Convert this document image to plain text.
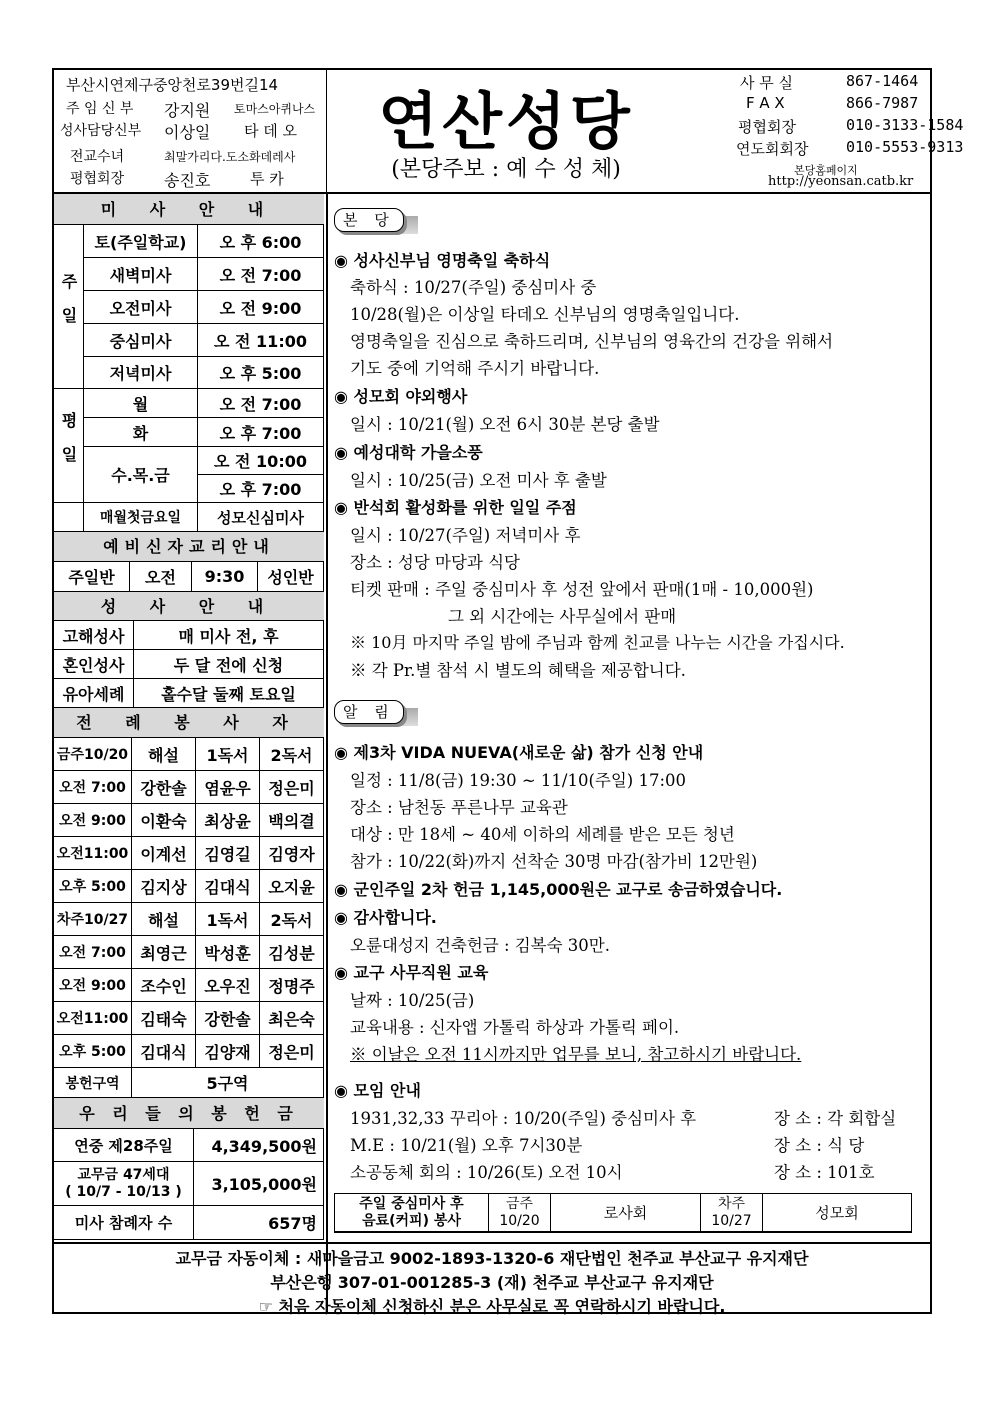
부산시연제구중앙천로39번길14
주 임 신 부 강지원 토마스아퀴나스
성사담당신부 이상일 타 데 오
전교수녀	최말가리다.도소화데레사
평협회장 송진호	투 카
연산성당
(본당주보 : 예 수 성 체)
사 무 실	867-1464
F A X	866-7987
평협회장	010-3133-1584
연도회회장	010-5553-9313
본당홈페이지
http://yeonsan.catb.kr
미 사 안 내
주일
토(주일학교)	오 후 6:00
새벽미사	오 전 7:00
오전미사	오 전 9:00
중심미사	오 전 11:00
저녁미사	오 후 5:00
평일
월	오 전 7:00
화	오 후 7:00
수.목.금
오 전 10:00
오 후 7:00
매월첫금요일	성모신심미사
예비신자교리안내
주일반	오전	9:30	성인반
성 사 안 내
고해성사	매 미사 전, 후
혼인성사	두 달 전에 신청
유아세례	홀수달 둘째 토요일
전 례 봉 사 자
금주10/20	해설	1독서	2독서
오전 7:00 강한솔	염윤우	정은미
오전 9:00 이환숙	최상윤	백의결
오전11:00 이계선	김영길	김영자
오후 5:00 김지상	김대식	오지윤
차주10/27	해설	1독서	2독서
오전 7:00 최영근	박성훈	김성분
오전 9:00 조수인	오우진	정명주
오전11:00 김태숙	강한솔	최은숙
오후 5:00 김대식	김양재	정은미
봉헌구역	5구역
우 리 들 의 봉 헌 금
연중 제28주일	4,349,500원
교무금 47세대
( 10/7 - 10/13 )	3,105,000원
미사 참례자 수	657명
본 당
◉ 성사신부님 영명축일 축하식
축하식 : 10/27(주일) 중심미사 중
10/28(월)은 이상일 타데오 신부님의 영명축일입니다.
영명축일을 진심으로 축하드리며, 신부님의 영육간의 건강을 위해서
기도 중에 기억해 주시기 바랍니다.
◉ 성모회 야외행사
일시 : 10/21(월) 오전 6시 30분 본당 출발
◉ 예성대학 가을소풍
일시 : 10/25(금) 오전 미사 후 출발
◉ 반석회 활성화를 위한 일일 주점
일시 : 10/27(주일) 저녁미사 후
장소 : 성당 마당과 식당
티켓 판매 : 주일 중심미사 후 성전 앞에서 판매(1매 - 10,000원)
그 외 시간에는 사무실에서 판매
※ 10月 마지막 주일 밤에 주님과 함께 친교를 나누는 시간을 가집시다.
※ 각 Pr.별 참석 시 별도의 혜택을 제공합니다.
알 림
◉ 제3차 VIDA NUEVA(새로운 삶) 참가 신청 안내
일정 : 11/8(금) 19:30 ~ 11/10(주일) 17:00
장소 : 남천동 푸른나무 교육관
대상 : 만 18세 ~ 40세 이하의 세례를 받은 모든 청년
참가 : 10/22(화)까지 선착순 30명 마감(참가비 12만원)
◉ 군인주일 2차 헌금 1,145,000원은 교구로 송금하였습니다.
◉ 감사합니다.
오륜대성지 건축헌금 : 김복숙 30만.
◉ 교구 사무직원 교육
날짜 : 10/25(금)
교육내용 : 신자앱 가톨릭 하상과 가톨릭 페이.
※ 이날은 오전 11시까지만 업무를 보니, 참고하시기 바랍니다.
◉ 모임 안내
1931,32,33 꾸리아 : 10/20(주일) 중심미사 후	장 소 : 각 회합실
M.E : 10/21(월) 오후 7시30분	장 소 : 식 당
소공동체 회의 : 10/26(토) 오전 10시	장 소 : 101호
주일 중심미사 후
음료(커피) 봉사
금주
10/20	로사회
차주
10/27	성모회
교무금 자동이체 : 새마을금고 9002-1893-1320-6 재단법인 천주교 부산교구 유지재단
부산은행 307-01-001285-3 (재) 천주교 부산교구 유지재단
☞ 처음 자동이체 신청하신 분은 사무실로 꼭 연락하시기 바랍니다.
